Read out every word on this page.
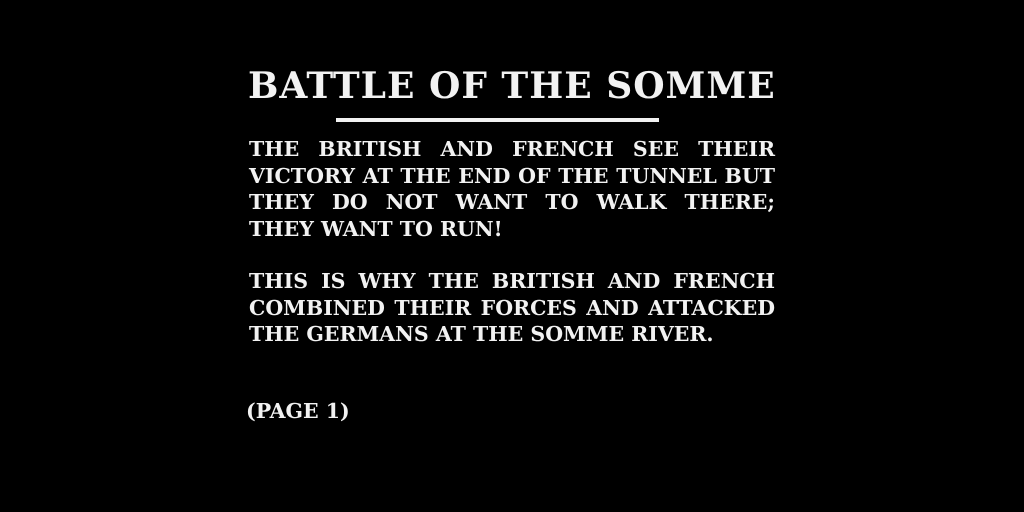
BATTLE OF THE SOMME

THE BRITISH AND FRENCH SEE THEIR VICTORY AT THE END OF THE TUNNEL BUT THEY DO NOT WANT TO WALK THERE; THEY WANT TO RUN!

THIS IS WHY THE BRITISH AND FRENCH COMBINED THEIR FORCES AND ATTACKED THE GERMANS AT THE SOMME RIVER.

(PAGE 1)
